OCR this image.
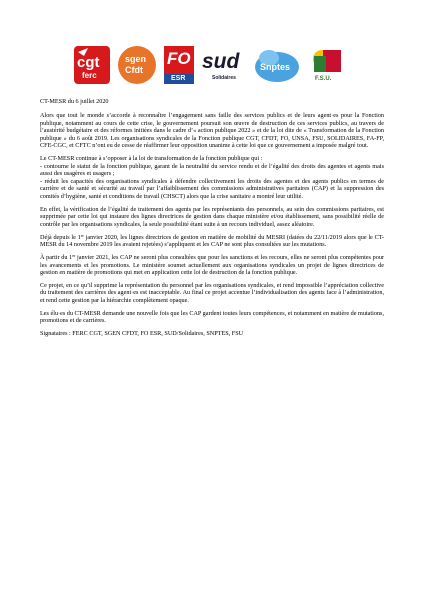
cgt
ferc
sgen
Cfdt
FO
ESR
sud
Solidaires
Snptes
F.S.U.

CT-MESR du 6 juillet 2020

Alors que tout le monde s’accorde à reconnaître l’engagement sans faille des services publics et de leurs agent·es pour la Fonction publique, notamment au cours de cette crise, le gouvernement poursuit son œuvre de destruction de ces services publics, au travers de l’austérité budgétaire et des réformes initiées dans le cadre d’« action publique 2022 » et de la loi dite de « Transformation de la Fonction publique » du 6 août 2019. Les organisations syndicales de la Fonction publique CGT, CFDT, FO, UNSA, FSU, SOLIDAIRES, FA-FP, CFE-CGC, et CFTC n’ont eu de cesse de réaffirmer leur opposition unanime à cette loi que ce gouvernement a imposée malgré tout.

Le CT-MESR continue à s’opposer à la loi de transformation de la fonction publique qui :

- contourne le statut de la fonction publique, garant de la neutralité du service rendu et de l’égalité des droits des agentes et agents mais aussi des usagères et usagers ;

- réduit les capacités des organisations syndicales à défendre collectivement les droits des agentes et des agents publics en termes de carrière et de santé et sécurité au travail par l’affaiblissement des commissions administratives paritaires (CAP) et la suppression des comités d’hygiène, santé et conditions de travail (CHSCT) alors que la crise sanitaire a montré leur utilité.

En effet, la vérification de l’égalité de traitement des agents par les représentants des personnels, au sein des commissions paritaires, est supprimée par cette loi qui instaure des lignes directrices de gestion dans chaque ministère et/ou établissement, sans possibilité réelle de contrôle par les organisations syndicales, la seule possibilité étant suite à un recours individuel, assez aléatoire.

Déjà depuis le 1er janvier 2020, les lignes directrices de gestion en matière de mobilité du MESRI (datées du 22/11/2019 alors que le CT-MESR du 14 novembre 2019 les avaient rejetées) s’appliquent et les CAP ne sont plus consultées sur les mutations.

À partir du 1er janvier 2021, les CAP ne seront plus consultées que pour les sanctions et les recours, elles ne seront plus compétentes pour les avancements et les promotions. Le ministère soumet actuellement aux organisations syndicales un projet de lignes directrices de gestion en matière de promotions qui met en application cette loi de destruction de la fonction publique.

Ce projet, en ce qu’il supprime la représentation du personnel par les organisations syndicales, et rend impossible l’appréciation collective du traitement des carrières des agent·es est inacceptable. Au final ce projet accentue l’individualisation des agents face à l’administration, et rend cette gestion par la hiérarchie complètement opaque.

Les élu·es du CT-MESR demande une nouvelle fois que les CAP gardent toutes leurs compétences, et notamment en matière de mutations, promotions et de carrières.

Signataires : FERC CGT, SGEN CFDT, FO ESR, SUD/Solidaires, SNPTES, FSU
